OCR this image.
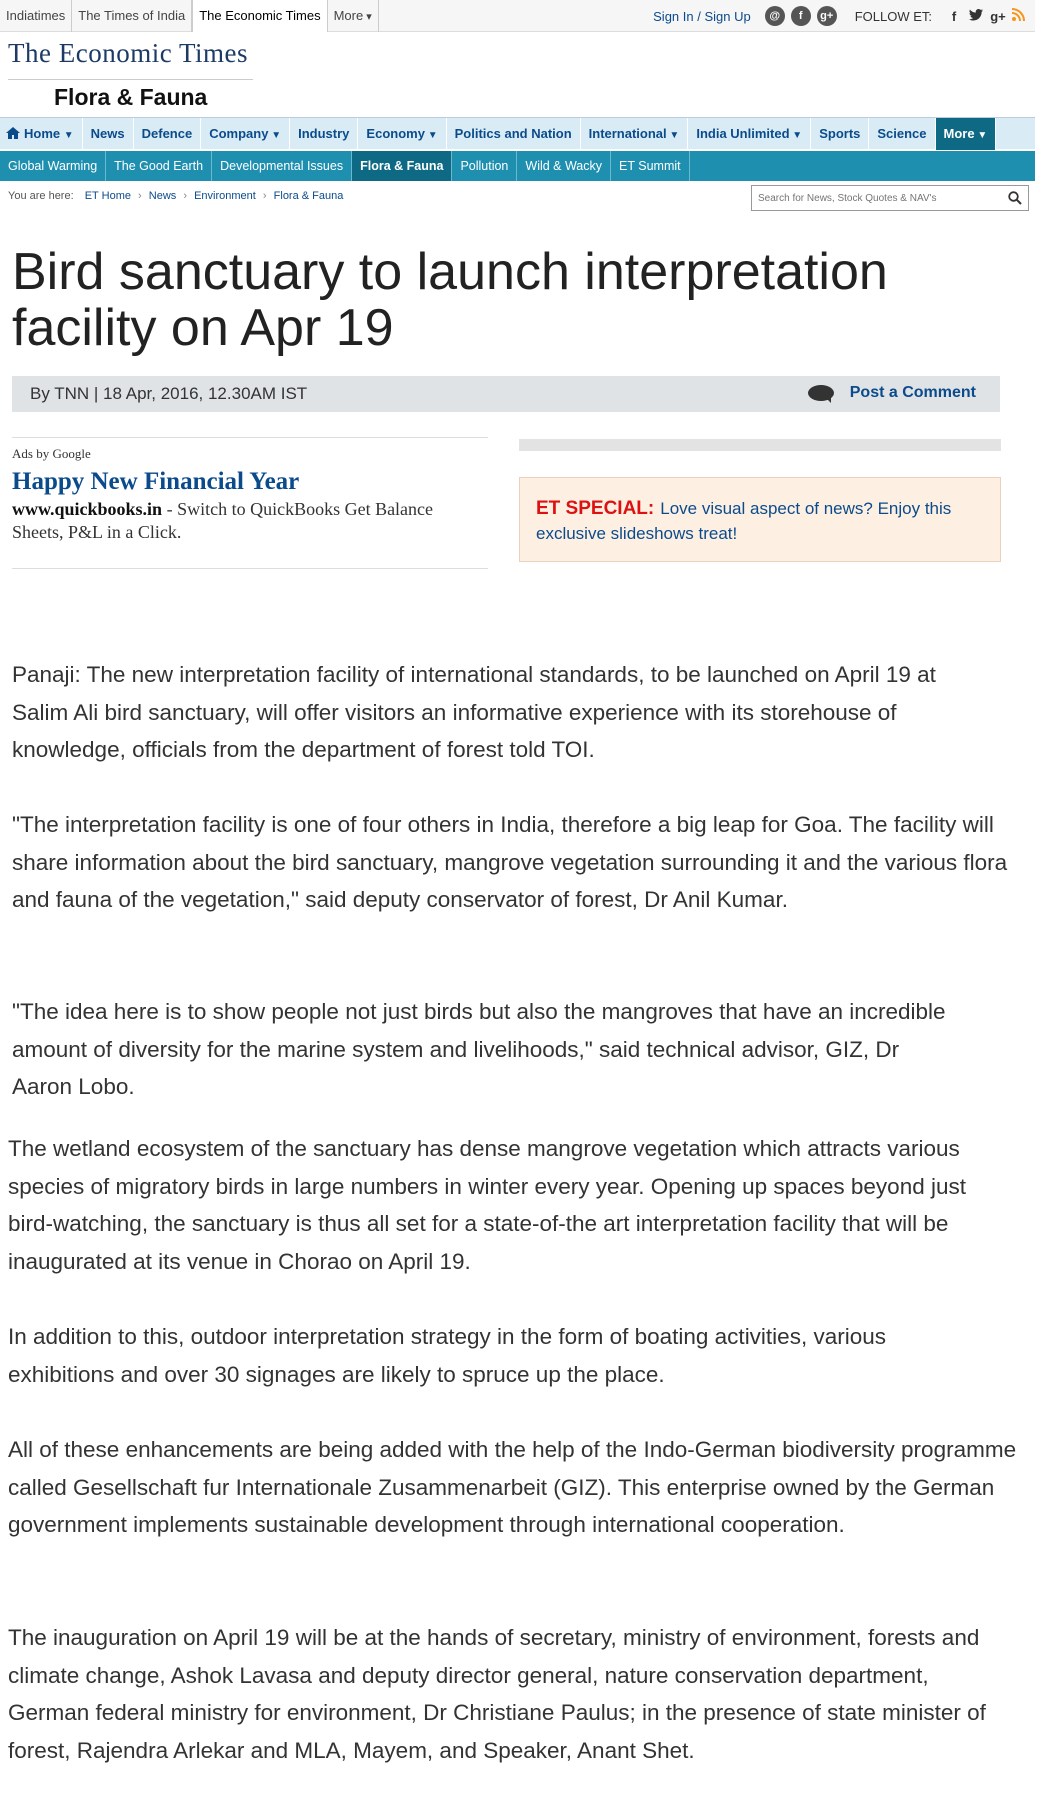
Indiatimes	The Times of India	The Economic Times	More ▾	Sign In / Sign Up	@	f	g+ FOLLOW ET:	f	g+
The Economic Times
Flora & Fauna
Home ▼	News	Defence	Company ▼	Industry	Economy ▼	Politics and Nation	International ▼	India Unlimited ▼	Sports	Science	More ▼
Global Warming	The Good Earth	Developmental Issues	Flora & Fauna	Pollution	Wild & Wacky	ET Summit
You are here: ET Home › News › Environment › Flora & Fauna
Search for News, Stock Quotes & NAV's
Bird sanctuary to launch interpretation facility on Apr 19
By TNN | 18 Apr, 2016, 12.30AM IST	Post a Comment
Ads by Google
Happy New Financial Year
www.quickbooks.in - Switch to QuickBooks Get Balance Sheets, P&L in a Click.
ET SPECIAL: Love visual aspect of news? Enjoy this exclusive slideshows treat!

Panaji: The new interpretation facility of international standards, to be launched on April 19 at Salim Ali bird sanctuary, will offer visitors an informative experience with its storehouse of knowledge, officials from the department of forest told TOI.

"The interpretation facility is one of four others in India, therefore a big leap for Goa. The facility will share information about the bird sanctuary, mangrove vegetation surrounding it and the various flora and fauna of the vegetation," said deputy conservator of forest, Dr Anil Kumar.

"The idea here is to show people not just birds but also the mangroves that have an incredible amount of diversity for the marine system and livelihoods," said technical advisor, GIZ, Dr Aaron Lobo.

The wetland ecosystem of the sanctuary has dense mangrove vegetation which attracts various species of migratory birds in large numbers in winter every year. Opening up spaces beyond just bird-watching, the sanctuary is thus all set for a state-of-the art interpretation facility that will be inaugurated at its venue in Chorao on April 19.

In addition to this, outdoor interpretation strategy in the form of boating activities, various exhibitions and over 30 signages are likely to spruce up the place.

All of these enhancements are being added with the help of the Indo-German biodiversity programme called Gesellschaft fur Internationale Zusammenarbeit (GIZ). This enterprise owned by the German government implements sustainable development through international cooperation.

The inauguration on April 19 will be at the hands of secretary, ministry of environment, forests and climate change, Ashok Lavasa and deputy director general, nature conservation department, German federal ministry for environment, Dr Christiane Paulus; in the presence of state minister of forest, Rajendra Arlekar and MLA, Mayem, and Speaker, Anant Shet.
